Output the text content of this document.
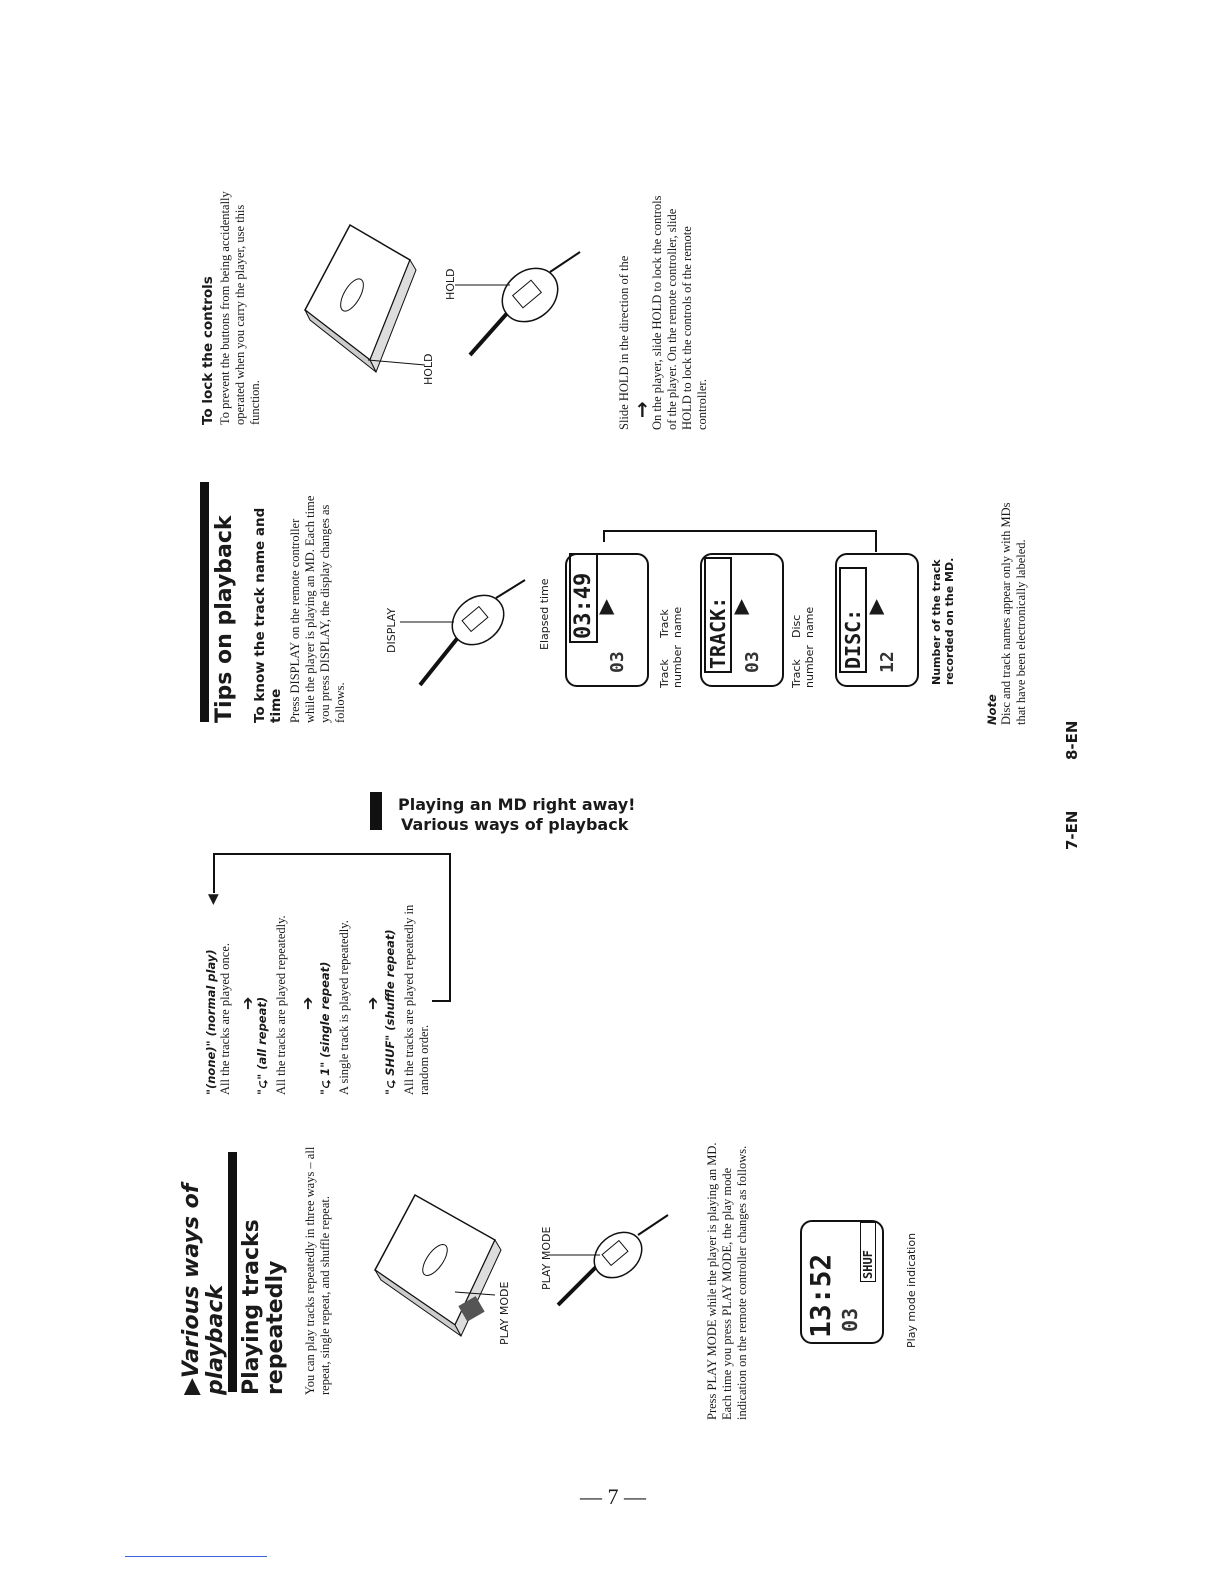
▶Various ways of playback Playing tracks repeatedly You can play tracks repeatedly in three ways – all repeat, single repeat, and shuffle repeat.	PLAY MODE
PLAY MODE	13:52 03
SHUF	Play mode indication
Press PLAY MODE while the player is playing an MD. Each time you press PLAY MODE, the play mode indication on the remote controller changes as follows.
"(none)" (normal play) All the tracks are played once. ➔
"⮎" (all repeat) All the tracks are played repeatedly. ➔ "⮎ 1" (single repeat) A single track is played repeatedly. ➔ "⮎ SHUF" (shuffle repeat) All the tracks are played repeatedly in random order.
◀
— 7 —
Playing an MD right away!
Various ways of playback
Tips on playback To know the track name and time Press DISPLAY on the remote controller while the player is playing an MD. Each time you press DISPLAY, the display changes as follows.
DISPLAY	03:49
03
▲
Elapsed time	TRACK: 03
▲
Track name
Track number	DISC: 12
▲
Disc name
Track number	Number of the track recorded on the MD.
Note Disc and track names appear only with MDs that have been electronically labeled.
To lock the controls To prevent the buttons from being accidentally operated when you carry the player, use this function.
HOLD
HOLD	Slide HOLD in the direction of the ↑ On the player, slide HOLD to lock the controls of the player. On the remote controller, slide HOLD to lock the controls of the remote controller.
7-EN
8-EN
